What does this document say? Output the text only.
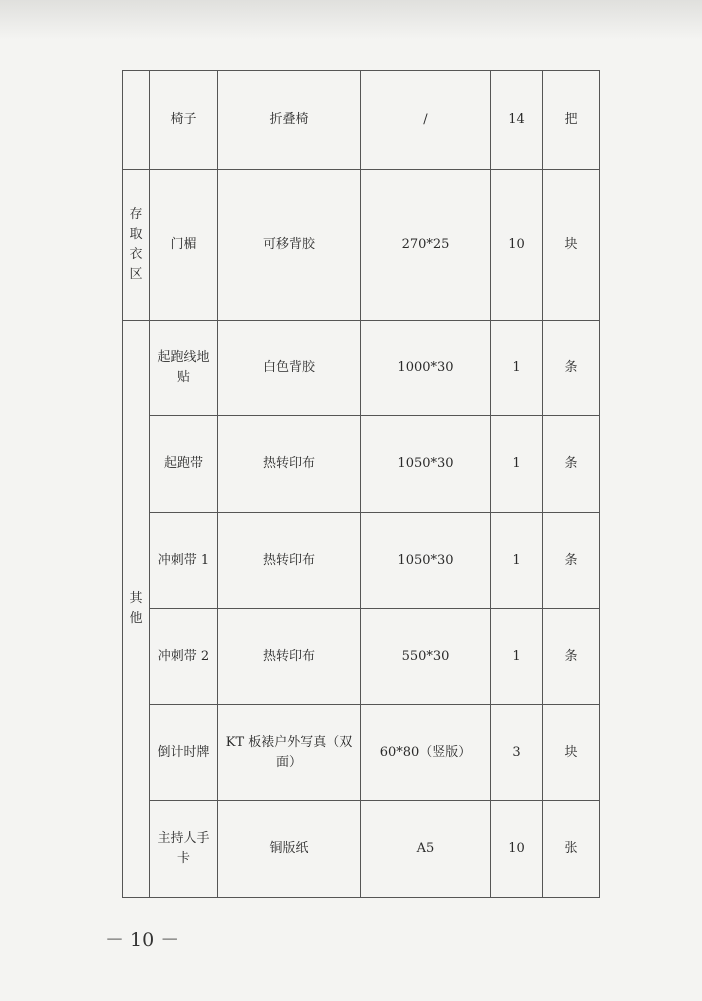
	椅子	折叠椅	/	14	把
存取衣区	门楣	可移背胶	270*25	10	块
其他	起跑线地贴	白色背胶	1000*30	1	条
	起跑带	热转印布	1050*30	1	条
	冲刺带 1	热转印布	1050*30	1	条
	冲刺带 2	热转印布	550*30	1	条
	倒计时牌	KT 板裱户外写真（双面）	60*80（竖版）	3	块
	主持人手卡	铜版纸	A5	10	张
－ 10 －
